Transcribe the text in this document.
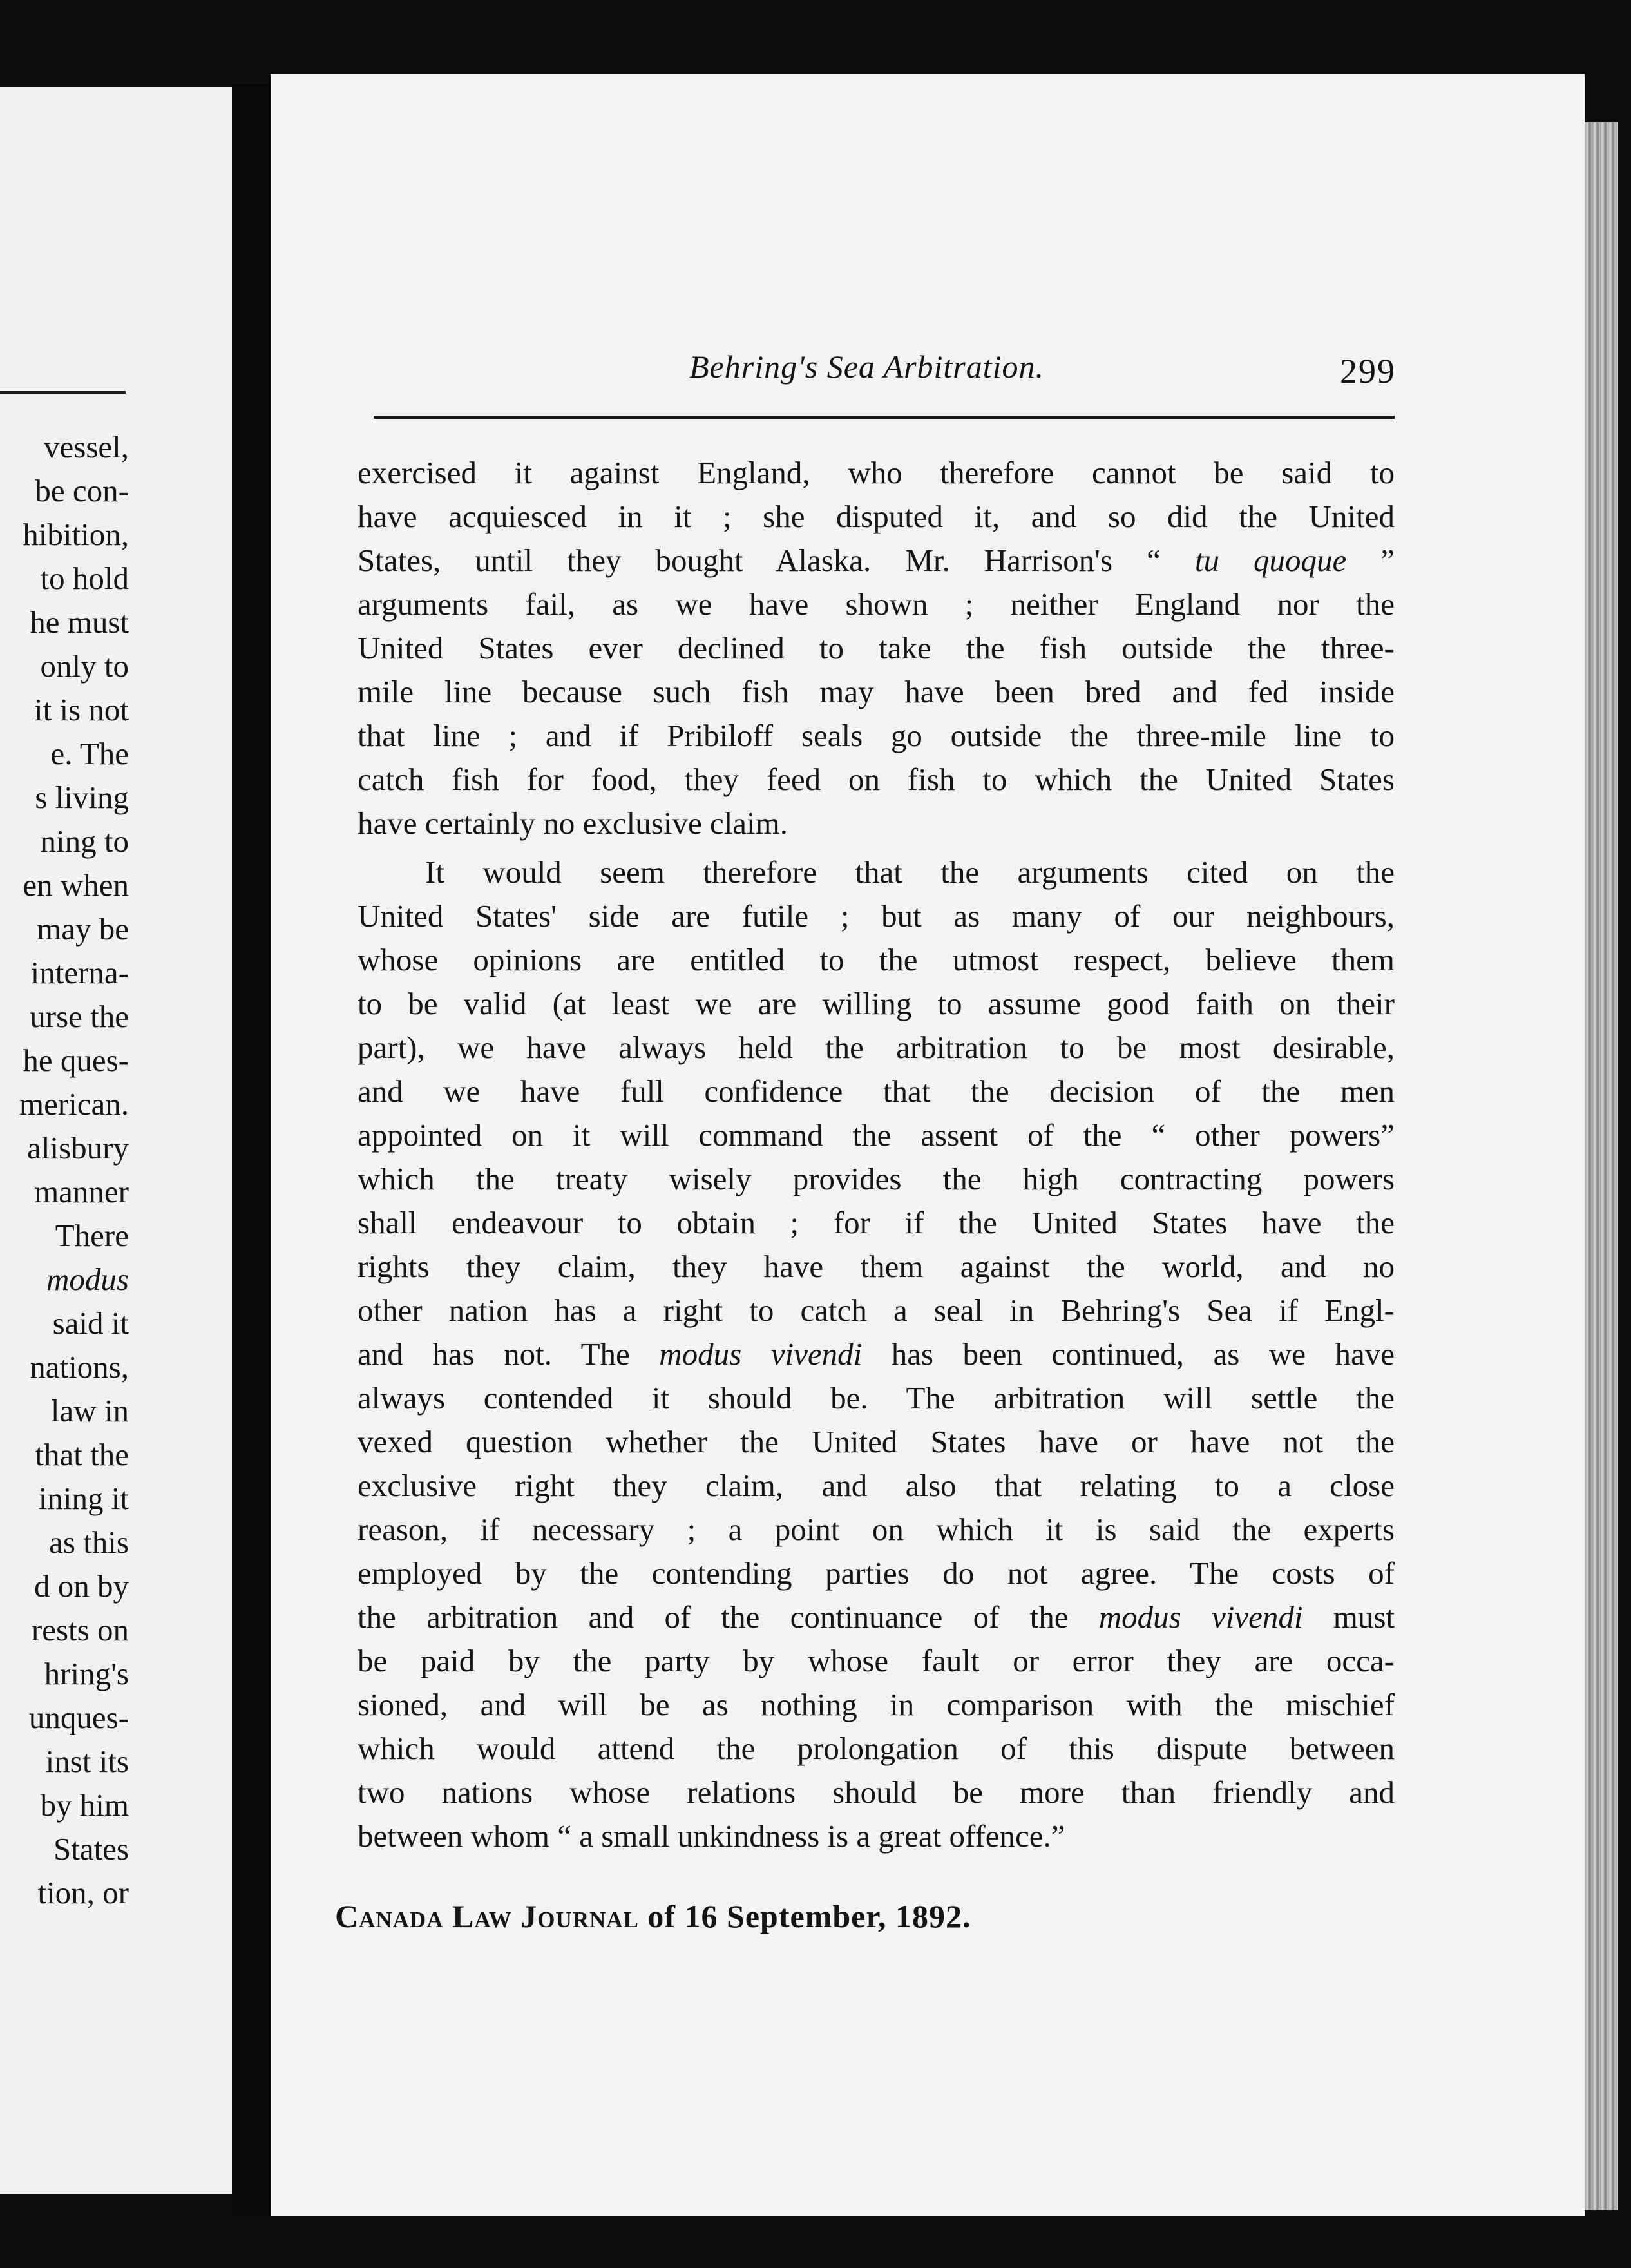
vessel,
be con-
hibition,
to hold
he must
only to
it is not
e. The
s living
ning to
en when
may be
interna-
urse the
he ques-
merican.
alisbury
manner
There
modus
said it
nations,
law in
that the
ining it
as this
d on by
rests on
hring's
unques-
inst its
by him
States
tion, or
Behring's Sea Arbitration.	299
exercised it against England, who therefore cannot be said to
have acquiesced in it ; she disputed it, and so did the United
States, until they bought Alaska. Mr. Harrison's “ tu quoque ”
arguments fail, as we have shown ; neither England nor the
United States ever declined to take the fish outside the three-
mile line because such fish may have been bred and fed inside
that line ; and if Pribiloff seals go outside the three-mile line to
catch fish for food, they feed on fish to which the United States
have certainly no exclusive claim.
It would seem therefore that the arguments cited on the
United States' side are futile ; but as many of our neighbours,
whose opinions are entitled to the utmost respect, believe them
to be valid (at least we are willing to assume good faith on their
part), we have always held the arbitration to be most desirable,
and we have full confidence that the decision of the men
appointed on it will command the assent of the “ other powers”
which the treaty wisely provides the high contracting powers
shall endeavour to obtain ; for if the United States have the
rights they claim, they have them against the world, and no
other nation has a right to catch a seal in Behring's Sea if Engl-
and has not. The modus vivendi has been continued, as we have
always contended it should be. The arbitration will settle the
vexed question whether the United States have or have not the
exclusive right they claim, and also that relating to a close
reason, if necessary ; a point on which it is said the experts
employed by the contending parties do not agree. The costs of
the arbitration and of the continuance of the modus vivendi must
be paid by the party by whose fault or error they are occa-
sioned, and will be as nothing in comparison with the mischief
which would attend the prolongation of this dispute between
two nations whose relations should be more than friendly and
between whom “ a small unkindness is a great offence.”
Canada Law Journal of 16 September, 1892.
